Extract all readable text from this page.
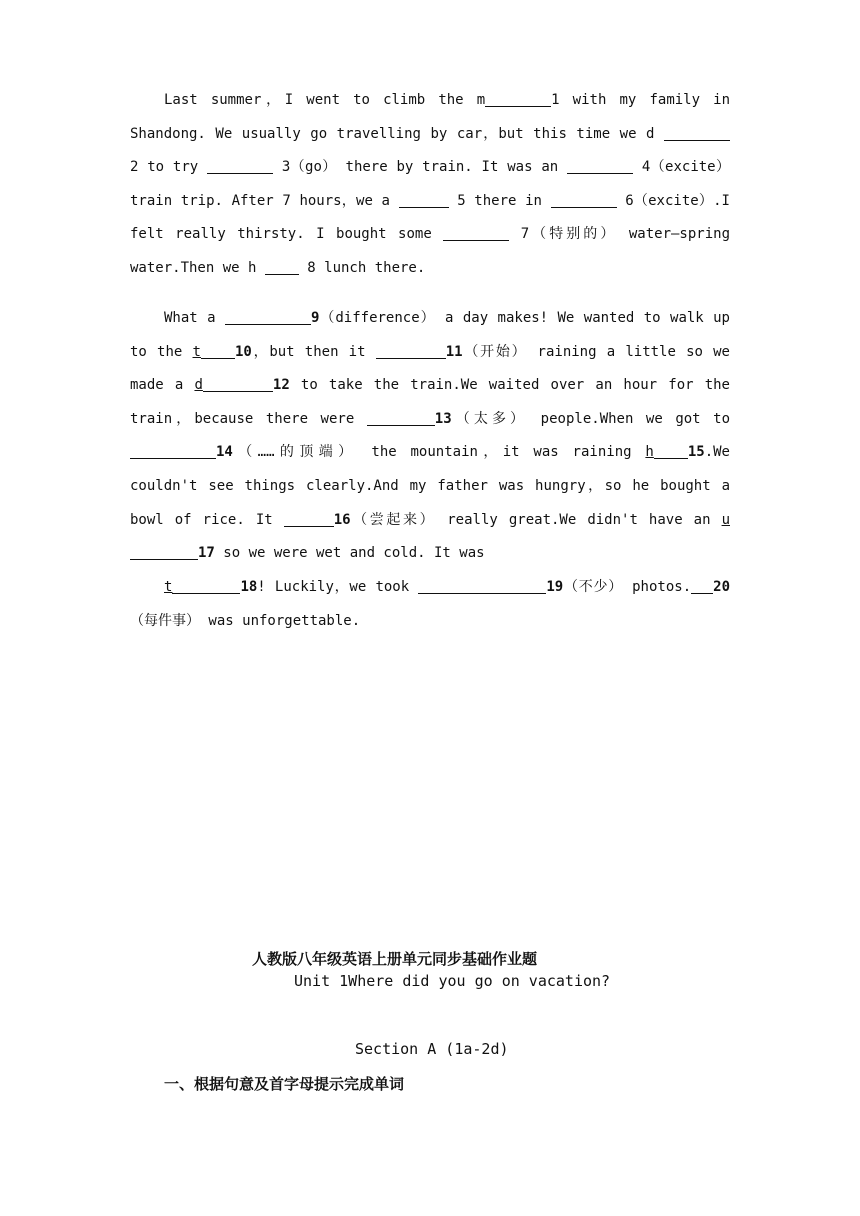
Last summer，I went to climb the m	1 with my family in Shandong. We usually go travelling by car，but this time we d  2 to try	3（go） there by train. It was an	4（excite） train trip. After 7 hours，we a	5 there in	6（excite）.I felt really thirsty. I bought some	7（特别的） water—spring water.Then we h  8 lunch there.

What a	9（difference） a day makes! We wanted to walk up to the t 10，but then it	11（开始） raining a little so we made a d	12 to take the train.We waited over an hour for the train，because there were	13（太多） people.When we got to 14（……的顶端） the mountain，it was raining h 15.We couldn't see things clearly.And my father was hungry，so he bought a bowl of rice. It	16（尝起来） really great.We didn't have an u17 so we were wet and cold. It was

t	18! Luckily，we took	19（不少） photos. 20（每件事） was unforgettable.

人教版八年级英语上册单元同步基础作业题
Unit 1Where did you go on vacation?
Section A (1a-2d)
一、根据句意及首字母提示完成单词
